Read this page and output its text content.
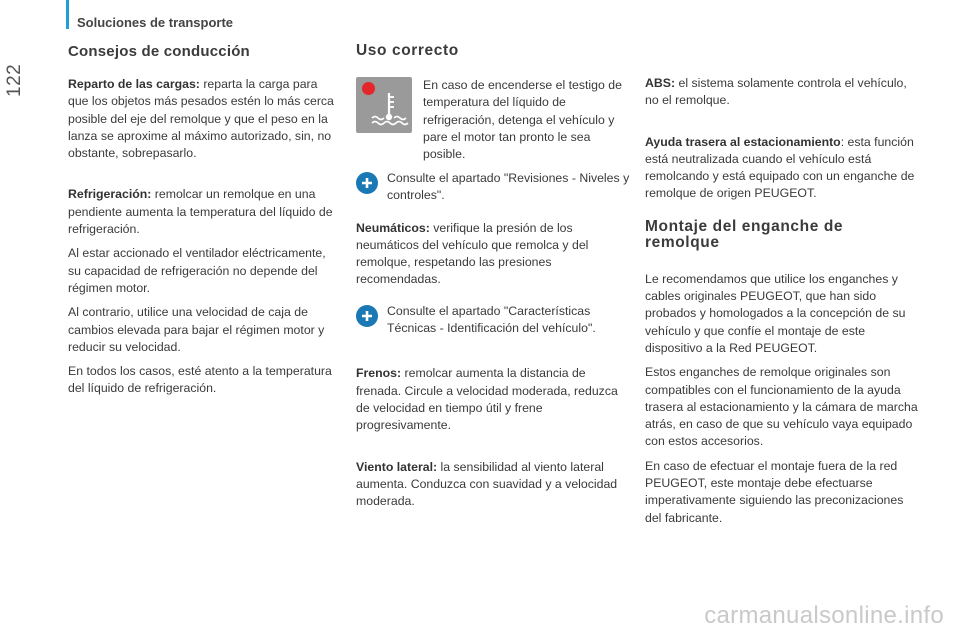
122
Soluciones de transporte
Consejos de conducción

Reparto de las cargas: reparta la carga para que los objetos más pesados estén lo más cerca posible del eje del remolque y que el peso en la lanza se aproxime al máximo autorizado, sin, no obstante, sobrepasarlo.

Refrigeración: remolcar un remolque en una pendiente aumenta la temperatura del líquido de refrigeración.

Al estar accionado el ventilador eléctricamente, su capacidad de refrigeración no depende del régimen motor.

Al contrario, utilice una velocidad de caja de cambios elevada para bajar el régimen motor y reducir su velocidad.

En todos los casos, esté atento a la temperatura del líquido de refrigeración.

Uso correcto

En caso de encenderse el testigo de temperatura del líquido de refrigeración, detenga el vehículo y pare el motor tan pronto le sea posible.

Consulte el apartado "Revisiones - Niveles y controles".

Neumáticos: verifique la presión de los neumáticos del vehículo que remolca y del remolque, respetando las presiones recomendadas.

Consulte el apartado "Características Técnicas - Identificación del vehículo".

Frenos: remolcar aumenta la distancia de frenada. Circule a velocidad moderada, reduzca de velocidad en tiempo útil y frene progresivamente.

Viento lateral: la sensibilidad al viento lateral aumenta. Conduzca con suavidad y a velocidad moderada.

ABS: el sistema solamente controla el vehículo, no el remolque.

Ayuda trasera al estacionamiento: esta función está neutralizada cuando el vehículo está remolcando y está equipado con un enganche de remolque de origen PEUGEOT.

Montaje del enganche de remolque

Le recomendamos que utilice los enganches y cables originales PEUGEOT, que han sido probados y homologados a la concepción de su vehículo y que confíe el montaje de este dispositivo a la Red PEUGEOT.

Estos enganches de remolque originales son compatibles con el funcionamiento de la ayuda trasera al estacionamiento y la cámara de marcha atrás, en caso de que su vehículo vaya equipado con estos accesorios.

En caso de efectuar el montaje fuera de la red PEUGEOT, este montaje debe efectuarse imperativamente siguiendo las preconizaciones del fabricante.

carmanualsonline.info
